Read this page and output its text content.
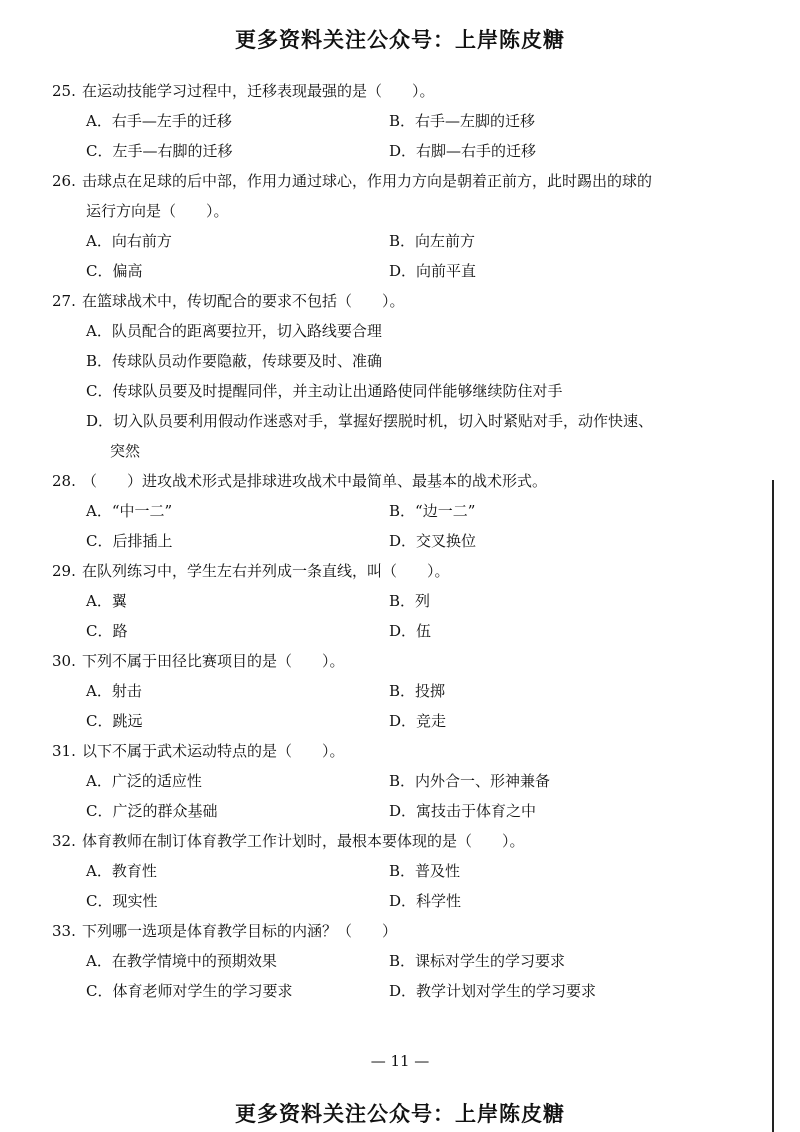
更多资料关注公众号：上岸陈皮糖
25. 在运动技能学习过程中，迁移表现最强的是（　　）。
A．右手—左手的迁移	B．右手—左脚的迁移
C．左手—右脚的迁移	D．右脚—右手的迁移
26. 击球点在足球的后中部，作用力通过球心，作用力方向是朝着正前方，此时踢出的球的
运行方向是（　　）。
A．向右前方	B．向左前方
C．偏高	D．向前平直
27. 在篮球战术中，传切配合的要求不包括（　　）。
A．队员配合的距离要拉开，切入路线要合理
B．传球队员动作要隐蔽，传球要及时、准确
C．传球队员要及时提醒同伴，并主动让出通路使同伴能够继续防住对手
D．切入队员要利用假动作迷惑对手，掌握好摆脱时机，切入时紧贴对手，动作快速、
突然
28. （　　）进攻战术形式是排球进攻战术中最简单、最基本的战术形式。
A．“中一二”	B．“边一二”
C．后排插上	D．交叉换位
29. 在队列练习中，学生左右并列成一条直线，叫（　　）。
A．翼	B．列
C．路	D．伍
30. 下列不属于田径比赛项目的是（　　）。
A．射击	B．投掷
C．跳远	D．竞走
31. 以下不属于武术运动特点的是（　　）。
A．广泛的适应性	B．内外合一、形神兼备
C．广泛的群众基础	D．寓技击于体育之中
32. 体育教师在制订体育教学工作计划时，最根本要体现的是（　　）。
A．教育性	B．普及性
C．现实性	D．科学性
33. 下列哪一选项是体育教学目标的内涵？（　　）
A．在教学情境中的预期效果	B．课标对学生的学习要求
C．体育老师对学生的学习要求	D．教学计划对学生的学习要求
— 11 —
更多资料关注公众号：上岸陈皮糖
